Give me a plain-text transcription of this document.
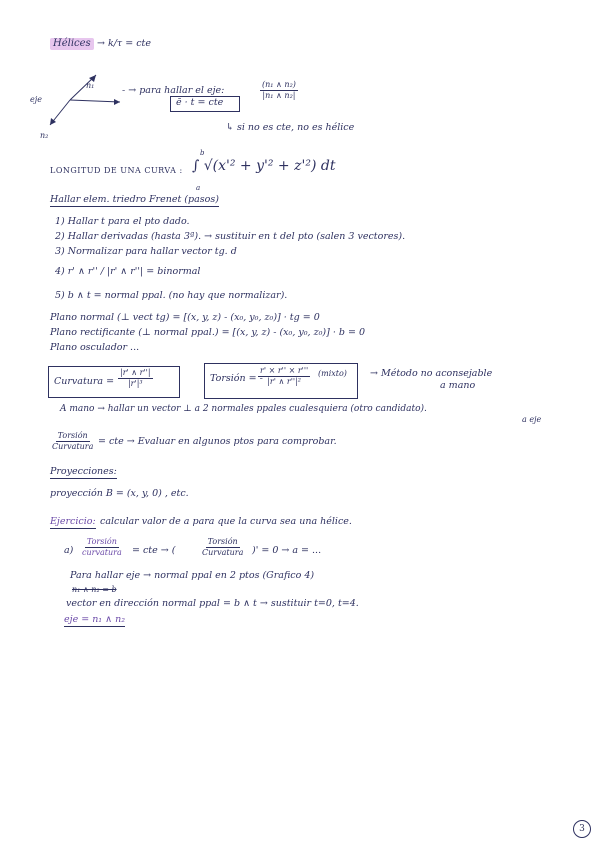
Hélices → k/τ = cte
eje
n₁
n₂
- → para hallar el eje:	$\frac{\text{(n₁ ∧ n₂)}}{\text{|n₁ ∧ n₂|}}$
ē · t = cte
↳ si no es cte, no es hélice
LONGITUD DE UNA CURVA :
b
a
∫ √(x'² + y'² + z'²) dt
Hallar elem. triedro Frenet (pasos)
1) Hallar t para el pto dado.
2) Hallar derivadas (hasta 3ª). → sustituir en t del pto (salen 3 vectores).
3) Normalizar para hallar vector tg. d
4) r' ∧ r'' / |r' ∧ r''| = binormal
5) b ∧ t = normal ppal. (no hay que normalizar).
Plano normal (⊥ vect tg) = [(x, y, z) - (x₀, y₀, z₀)] · tg = 0
Plano rectificante (⊥ normal ppal.) = [(x, y, z) - (x₀, y₀, z₀)] · b = 0
Plano osculador ...
Curvatura = $\frac{|r' \wedge r''|}{\text{|r'|³}}$	Torsión = -
$\frac{r' \times r'' \times r'''}{\text{|r' ∧ r''|²}}$ (mixto) → Método no aconsejable
a mano
A mano → hallar un vector ⊥ a 2 normales ppales cualesquiera (otro candidato).
a eje
Torsión
Curvatura = cte → Evaluar en algunos ptos para comprobar.
Proyecciones:
proyección B = (x, y, 0) , etc.
Ejercicio: calcular valor de a para que la curva sea una hélice.
a)
Torsión
curvatura = cte → (
Torsión
Curvatura )' = 0 → a = ...
Para hallar eje → normal ppal en 2 ptos (Grafico 4)
n₁ ∧ n₂ = b
vector en dirección normal ppal = b ∧ t → sustituir t=0, t=4.
eje = n₁ ∧ n₂
3
